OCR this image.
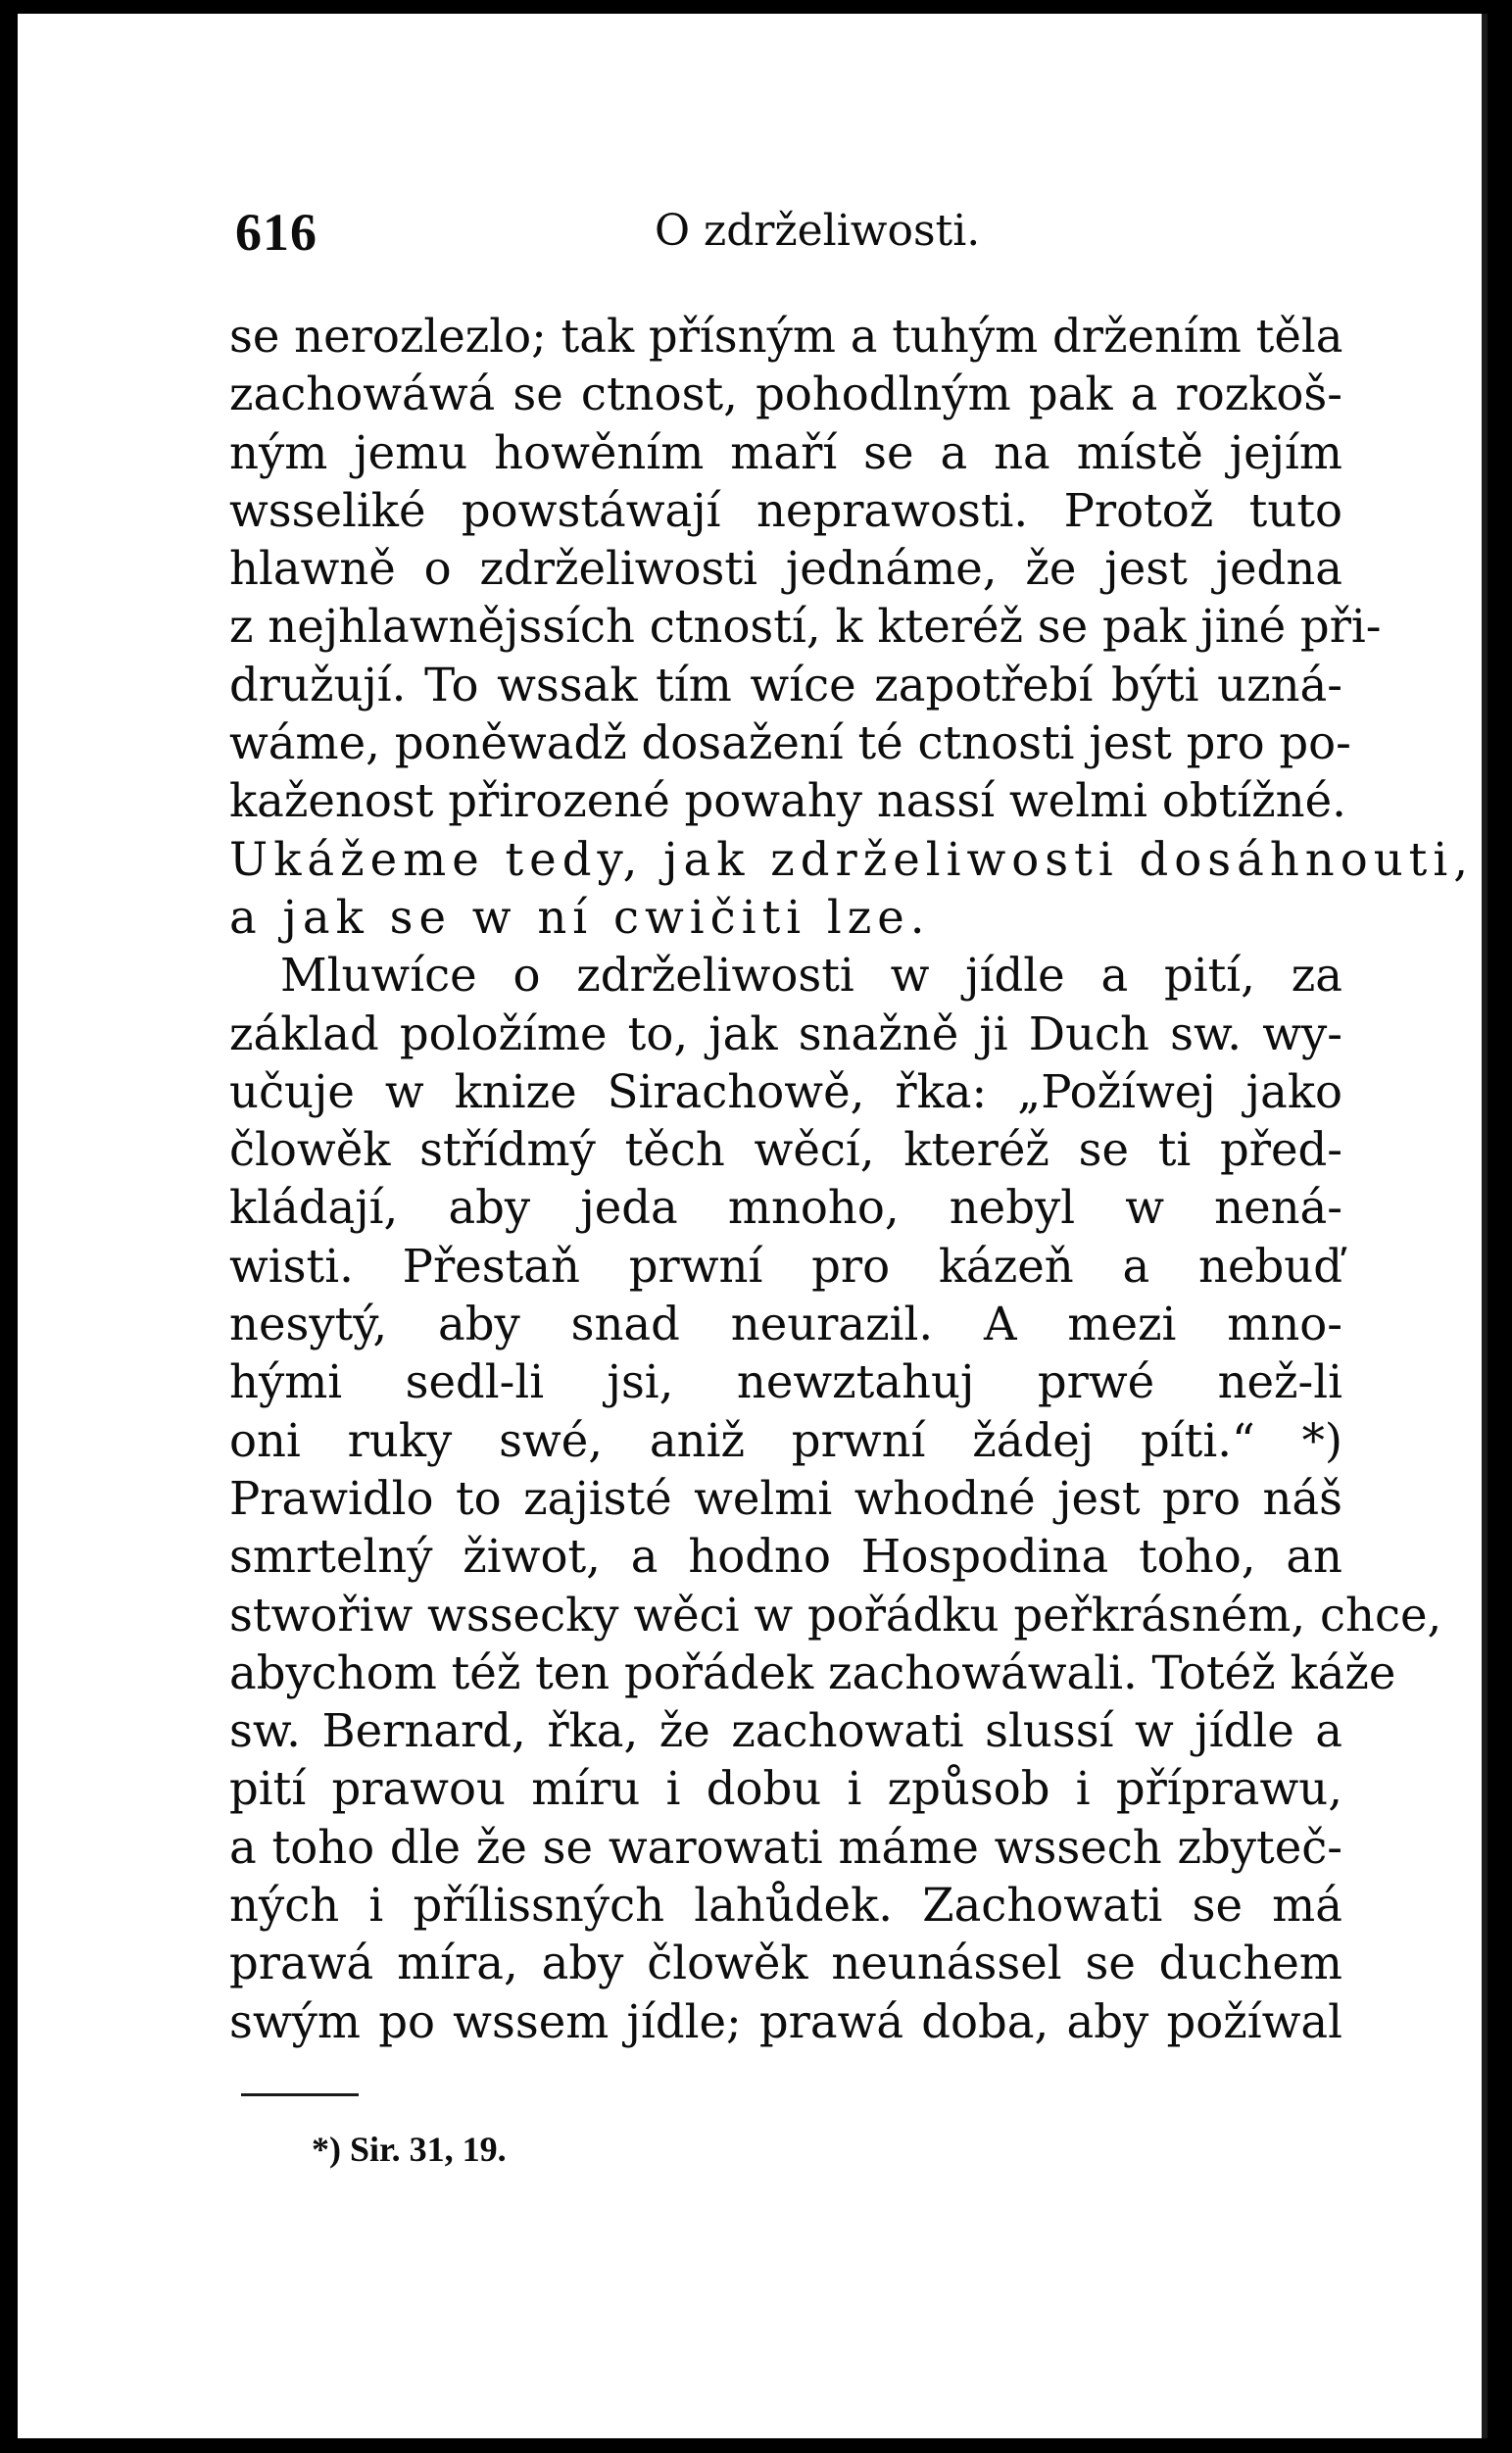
616	O zdrželiwosti.
se nerozlezlo; tak přísným a tuhým držením těla
zachowáwá se ctnost, pohodlným pak a rozkoš-
ným jemu howěním maří se a na místě jejím
wsseliké powstáwají neprawosti. Protož tuto
hlawně o zdrželiwosti jednáme, že jest jedna
z nejhlawnějssích ctností, k kteréž se pak jiné při-
družují. To wssak tím wíce zapotřebí býti uzná-
wáme, poněwadž dosažení té ctnosti jest pro po-
kaženost přirozené powahy nassí welmi obtížné.
Ukážeme tedy, jak zdrželiwosti dosáhnouti,
a jak se w ní cwičiti lze.
Mluwíce o zdrželiwosti w jídle a pití, za
základ položíme to, jak snažně ji Duch sw. wy-
učuje w knize Sirachowě, řka: „Požíwej jako
člowěk střídmý těch wěcí, kteréž se ti před-
kládají, aby jeda mnoho, nebyl w nená-
wisti. Přestaň prwní pro kázeň a nebuď
nesytý, aby snad neurazil. A mezi mno-
hými sedl-li jsi, newztahuj prwé než-li
oni ruky swé, aniž prwní žádej píti.“ *)
Prawidlo to zajisté welmi whodné jest pro náš
smrtelný žiwot, a hodno Hospodina toho, an
stwořiw wssecky wěci w pořádku peřkrásném, chce,
abychom též ten pořádek zachowáwali. Totéž káže
sw. Bernard, řka, že zachowati slussí w jídle a
pití prawou míru i dobu i způsob i příprawu,
a toho dle že se warowati máme wssech zbyteč-
ných i přílissných lahůdek. Zachowati se má
prawá míra, aby člowěk neunássel se duchem
swým po wssem jídle; prawá doba, aby požíwal
*) Sir. 31, 19.
